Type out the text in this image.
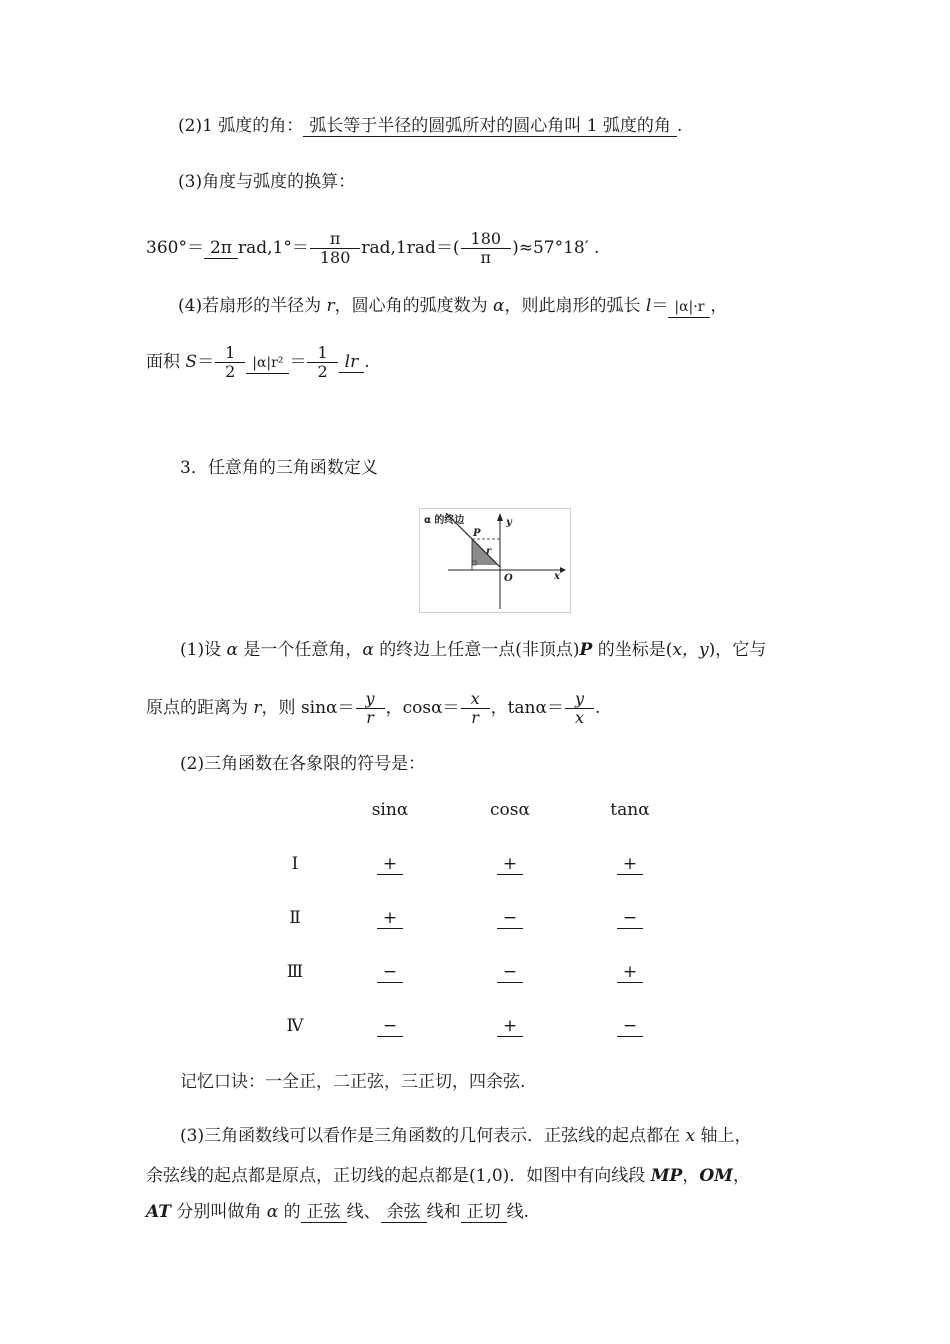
(2)1 弧度的角： 弧长等于半径的圆弧所对的圆心角叫 1 弧度的角 .
(3)角度与弧度的换算：
360°＝ 2π $rad,1^\circ= \frac{\pi}{180} rad,1rad=( \frac{180}{\pi} )\approx 57^\circ 18'$ .
(4)若扇形的半径为 r，圆心角的弧度数为 α，则此扇形的弧长 l＝ |α|·r ，
面积 $S= \frac{1}{2} |\alpha|r^2 = \frac{1}{2}$ lr .
3．任意角的三角函数定义
α 的终边
P
r
O	x
y
(1)设 α 是一个任意角，α 的终边上任意一点(非顶点)P 的坐标是(x，y)，它与
原点的距离为 r，则 $\sin\alpha= \frac{y}{r}$ ，$\cos\alpha= \frac{x}{r}$ ，$\tan\alpha= \frac{y}{x}$ .
(2)三角函数在各象限的符号是：
sinα	cosα	tanα
Ⅰ	+	+	+
Ⅱ	+	−	−
Ⅲ	−	−	+
Ⅳ	−	+	−
记忆口诀：一全正，二正弦，三正切，四余弦.
(3)三角函数线可以看作是三角函数的几何表示．正弦线的起点都在 x 轴上，
余弦线的起点都是原点，正切线的起点都是(1,0)．如图中有向线段 MP，OM，
AT 分别叫做角 α 的 正弦 线、 余弦 线和 正切 线.
